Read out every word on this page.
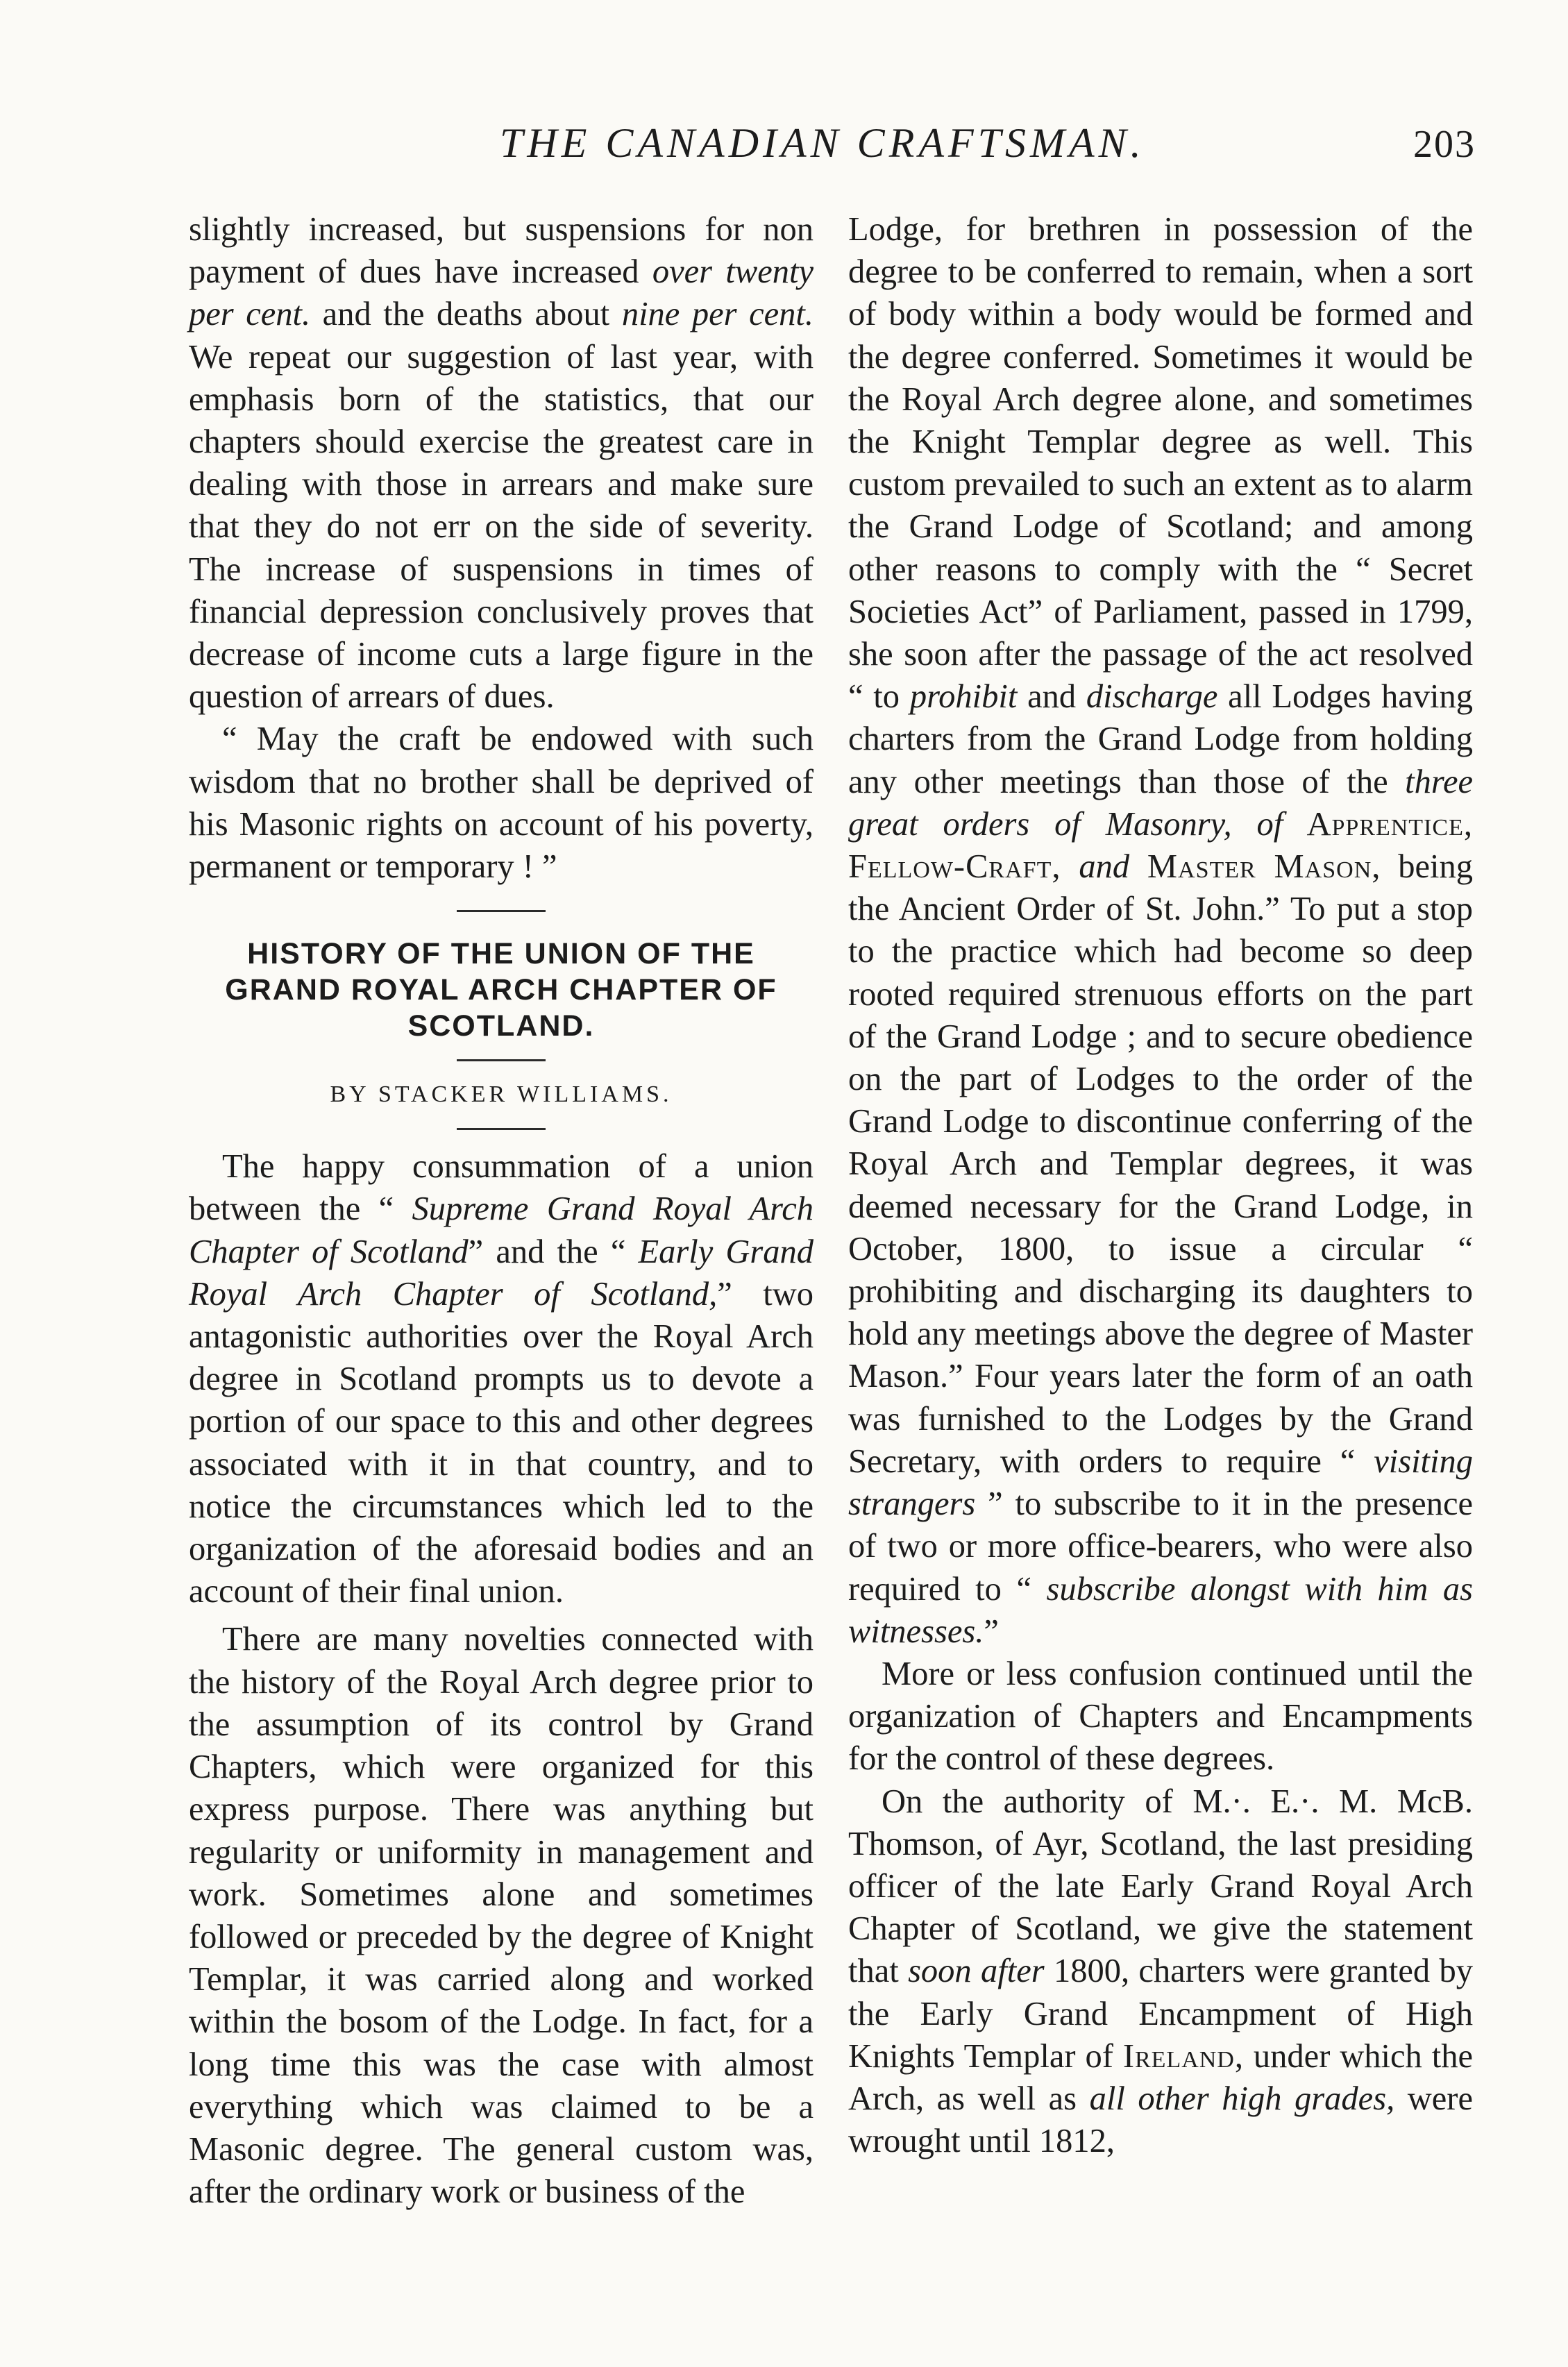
THE CANADIAN CRAFTSMAN.	203

slightly increased, but suspensions for non payment of dues have increased over twenty per cent. and the deaths about nine per cent. We repeat our suggestion of last year, with emphasis born of the statistics, that our chapters should exercise the greatest care in dealing with those in arrears and make sure that they do not err on the side of severity. The increase of suspensions in times of financial depression conclusively proves that decrease of income cuts a large figure in the question of arrears of dues.

“ May the craft be endowed with such wisdom that no brother shall be deprived of his Masonic rights on account of his poverty, permanent or temporary ! ”

HISTORY OF THE UNION OF THE GRAND ROYAL ARCH CHAPTER OF SCOTLAND.
BY STACKER WILLIAMS.

The happy consummation of a union between the “ Supreme Grand Royal Arch Chapter of Scotland” and the “ Early Grand Royal Arch Chapter of Scotland,” two antagonistic authorities over the Royal Arch degree in Scotland prompts us to devote a portion of our space to this and other degrees associated with it in that country, and to notice the circumstances which led to the organization of the aforesaid bodies and an account of their final union.

There are many novelties connected with the history of the Royal Arch degree prior to the assumption of its control by Grand Chapters, which were organized for this express purpose. There was anything but regularity or uniformity in management and work. Sometimes alone and sometimes followed or preceded by the degree of Knight Templar, it was carried along and worked within the bosom of the Lodge. In fact, for a long time this was the case with almost everything which was claimed to be a Masonic degree. The general custom was, after the ordinary work or business of the

Lodge, for brethren in possession of the degree to be conferred to remain, when a sort of body within a body would be formed and the degree conferred. Sometimes it would be the Royal Arch degree alone, and sometimes the Knight Templar degree as well. This custom prevailed to such an extent as to alarm the Grand Lodge of Scotland; and among other reasons to comply with the “ Secret Societies Act” of Parliament, passed in 1799, she soon after the passage of the act resolved “ to prohibit and discharge all Lodges having charters from the Grand Lodge from holding any other meetings than those of the three great orders of Masonry, of Apprentice, Fellow-Craft, and Master Mason, being the Ancient Order of St. John.” To put a stop to the practice which had become so deep rooted required strenuous efforts on the part of the Grand Lodge ; and to secure obedience on the part of Lodges to the order of the Grand Lodge to discontinue conferring of the Royal Arch and Templar degrees, it was deemed necessary for the Grand Lodge, in October, 1800, to issue a circular “ prohibiting and discharging its daughters to hold any meetings above the degree of Master Mason.” Four years later the form of an oath was furnished to the Lodges by the Grand Secretary, with orders to require “ visiting strangers ” to subscribe to it in the presence of two or more office-bearers, who were also required to “ subscribe alongst with him as witnesses.”

More or less confusion continued until the organization of Chapters and Encampments for the control of these degrees.

On the authority of M.·. E.·. M. McB. Thomson, of Ayr, Scotland, the last presiding officer of the late Early Grand Royal Arch Chapter of Scotland, we give the statement that soon after 1800, charters were granted by the Early Grand Encampment of High Knights Templar of Ireland, under which the Arch, as well as all other high grades, were wrought until 1812,
